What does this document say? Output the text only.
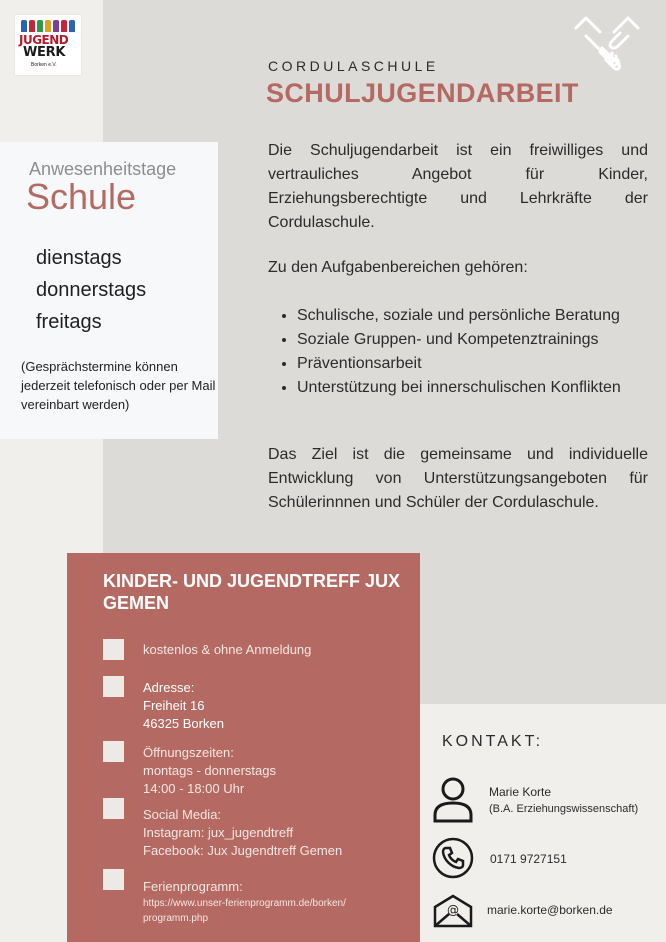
JUGEND
WERK
Borken e.V.	CORDULASCHULE
SCHULJUGENDARBEIT

Die Schuljugendarbeit ist ein freiwilliges und vertrauliches Angebot für Kinder, Erziehungsberechtigte und Lehrkräfte der Cordulaschule.

Zu den Aufgabenbereichen gehören:
• Schulische, soziale und persönliche Beratung
• Soziale Gruppen- und Kompetenztrainings
• Präventionsarbeit
• Unterstützung bei innerschulischen Konflikten
Das Ziel ist die gemeinsame und individuelle Entwicklung von Unterstützungsangeboten für Schülerinnnen und Schüler der Cordulaschule.
Anwesenheitstage
Schule
dienstags
donnerstags
freitags
(Gesprächstermine können jederzeit telefonisch oder per Mail vereinbart werden)
KINDER- UND JUGENDTREFF JUX GEMEN
kostenlos & ohne Anmeldung
Adresse:
Freiheit 16
46325 Borken
Öffnungszeiten:
montags - donnerstags
14:00 - 18:00 Uhr
Social Media:
Instagram: jux_jugendtreff
Facebook: Jux Jugendtreff Gemen
Ferienprogramm:
https://www.unser-ferienprogramm.de/borken/
programm.php
KONTAKT:
Marie Korte
(B.A. Erziehungswissenschaft)
0171 9727151
@ marie.korte@borken.de
